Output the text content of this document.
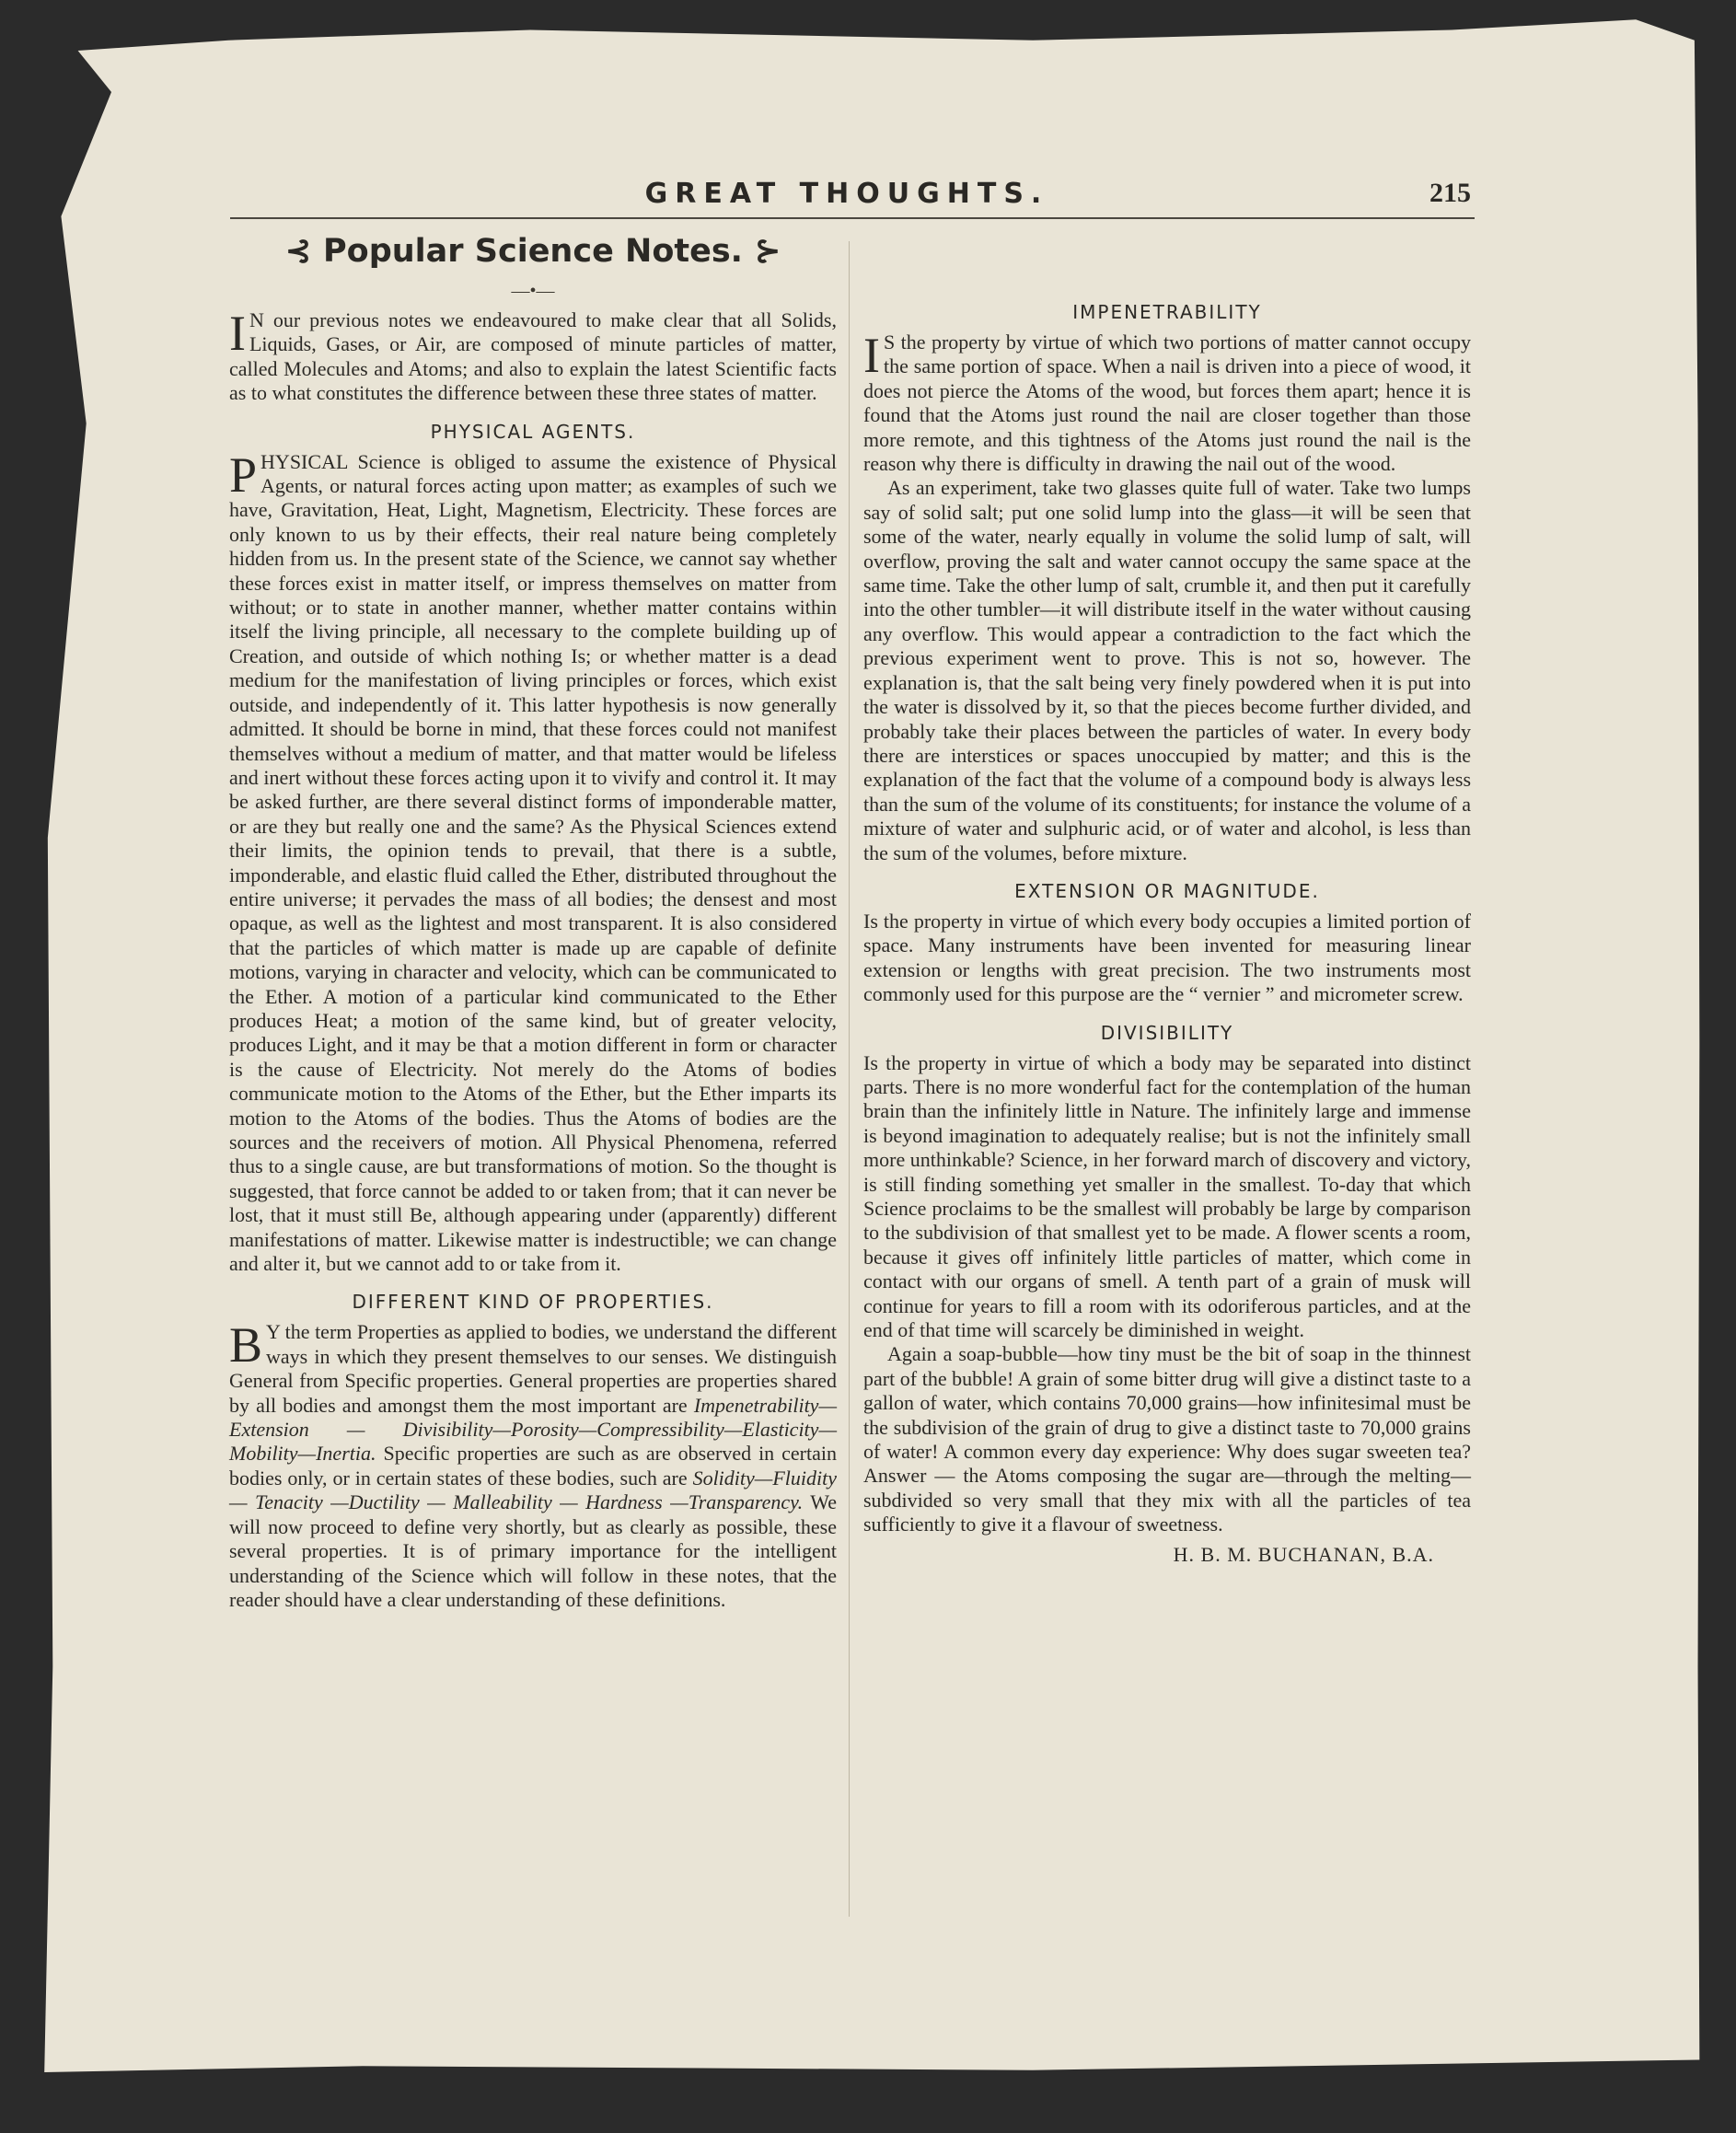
GREAT THOUGHTS.	215
⊰ Popular Science Notes. ⊱
—•—

I N our previous notes we endeavoured to make clear that all Solids, Liquids, Gases, or Air, are composed of minute particles of matter, called Molecules and Atoms; and also to explain the latest Scientific facts as to what constitutes the difference between these three states of matter.

PHYSICAL AGENTS.

PHYSICAL Science is obliged to assume the existence of Physical Agents, or natural forces acting upon matter; as examples of such we have, Gravitation, Heat, Light, Magnetism, Electricity. These forces are only known to us by their effects, their real nature being completely hidden from us. In the present state of the Science, we cannot say whether these forces exist in matter itself, or impress themselves on matter from without; or to state in another manner, whether matter contains within itself the living principle, all necessary to the complete building up of Creation, and outside of which nothing Is; or whether matter is a dead medium for the manifestation of living principles or forces, which exist outside, and independently of it. This latter hypothesis is now generally admitted. It should be borne in mind, that these forces could not manifest themselves without a medium of matter, and that matter would be lifeless and inert without these forces acting upon it to vivify and control it. It may be asked further, are there several distinct forms of imponderable matter, or are they but really one and the same? As the Physical Sciences extend their limits, the opinion tends to prevail, that there is a subtle, imponderable, and elastic fluid called the Ether, distributed throughout the entire universe; it pervades the mass of all bodies; the densest and most opaque, as well as the lightest and most transparent. It is also considered that the particles of which matter is made up are capable of definite motions, varying in character and velocity, which can be communicated to the Ether. A motion of a particular kind communicated to the Ether produces Heat; a motion of the same kind, but of greater velocity, produces Light, and it may be that a motion different in form or character is the cause of Electricity. Not merely do the Atoms of bodies communicate motion to the Atoms of the Ether, but the Ether imparts its motion to the Atoms of the bodies. Thus the Atoms of bodies are the sources and the receivers of motion. All Physical Phenomena, referred thus to a single cause, are but transformations of motion. So the thought is suggested, that force cannot be added to or taken from; that it can never be lost, that it must still Be, although appearing under (apparently) different manifestations of matter. Likewise matter is indestructible; we can change and alter it, but we cannot add to or take from it.

DIFFERENT KIND OF PROPERTIES.

B Y the term Properties as applied to bodies, we understand the different ways in which they present themselves to our senses. We distinguish General from Specific properties. General properties are properties shared by all bodies and amongst them the most important are Impenetrability—Extension — Divisibility—Porosity—Compressibility—Elasticity—Mobility—Inertia. Specific properties are such as are observed in certain bodies only, or in certain states of these bodies, such are Solidity—Fluidity— Tenacity —Ductility — Malleability — Hardness —Transparency. We will now proceed to define very shortly, but as clearly as possible, these several properties. It is of primary importance for the intelligent understanding of the Science which will follow in these notes, that the reader should have a clear understanding of these definitions.

IMPENETRABILITY

I S the property by virtue of which two portions of matter cannot occupy the same portion of space. When a nail is driven into a piece of wood, it does not pierce the Atoms of the wood, but forces them apart; hence it is found that the Atoms just round the nail are closer together than those more remote, and this tightness of the Atoms just round the nail is the reason why there is difficulty in drawing the nail out of the wood.

As an experiment, take two glasses quite full of water. Take two lumps say of solid salt; put one solid lump into the glass—it will be seen that some of the water, nearly equally in volume the solid lump of salt, will overflow, proving the salt and water cannot occupy the same space at the same time. Take the other lump of salt, crumble it, and then put it carefully into the other tumbler—it will distribute itself in the water without causing any overflow. This would appear a contradiction to the fact which the previous experiment went to prove. This is not so, however. The explanation is, that the salt being very finely powdered when it is put into the water is dissolved by it, so that the pieces become further divided, and probably take their places between the particles of water. In every body there are interstices or spaces unoccupied by matter; and this is the explanation of the fact that the volume of a compound body is always less than the sum of the volume of its constituents; for instance the volume of a mixture of water and sulphuric acid, or of water and alcohol, is less than the sum of the volumes, before mixture.

EXTENSION OR MAGNITUDE.

Is the property in virtue of which every body occupies a limited portion of space. Many instruments have been invented for measuring linear extension or lengths with great precision. The two instruments most commonly used for this purpose are the “ vernier ” and micrometer screw.

DIVISIBILITY

Is the property in virtue of which a body may be separated into distinct parts. There is no more wonderful fact for the contemplation of the human brain than the infinitely little in Nature. The infinitely large and immense is beyond imagination to adequately realise; but is not the infinitely small more unthinkable? Science, in her forward march of discovery and victory, is still finding something yet smaller in the smallest. To-day that which Science proclaims to be the smallest will probably be large by comparison to the subdivision of that smallest yet to be made. A flower scents a room, because it gives off infinitely little particles of matter, which come in contact with our organs of smell. A tenth part of a grain of musk will continue for years to fill a room with its odoriferous particles, and at the end of that time will scarcely be diminished in weight.

Again a soap-bubble—how tiny must be the bit of soap in the thinnest part of the bubble! A grain of some bitter drug will give a distinct taste to a gallon of water, which contains 70,000 grains—how infinitesimal must be the subdivision of the grain of drug to give a distinct taste to 70,000 grains of water! A common every day experience: Why does sugar sweeten tea? Answer — the Atoms composing the sugar are—through the melting—subdivided so very small that they mix with all the particles of tea sufficiently to give it a flavour of sweetness.

H. B. M. BUCHANAN, B.A.
